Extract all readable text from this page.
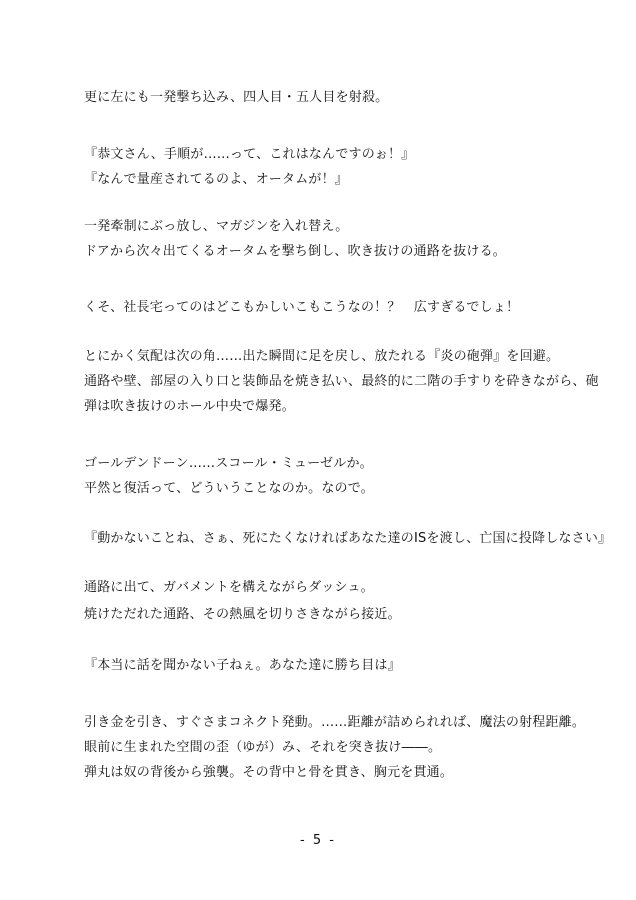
更に左にも一発撃ち込み、四人目・五人目を射殺。
『恭文さん、手順が……って、これはなんですのぉ！』
『なんで量産されてるのよ、オータムが！』
一発牽制にぶっ放し、マガジンを入れ替え。
ドアから次々出てくるオータムを撃ち倒し、吹き抜けの通路を抜ける。
くそ、社長宅ってのはどこもかしいこもこうなの！？　広すぎるでしょ！
とにかく気配は次の角……出た瞬間に足を戻し、放たれる『炎の砲弾』を回避。
通路や壁、部屋の入り口と装飾品を焼き払い、最終的に二階の手すりを砕きながら、砲
弾は吹き抜けのホール中央で爆発。
ゴールデンドーン……スコール・ミューゼルか。
平然と復活って、どういうことなのか。なので。
『動かないことね、さぁ、死にたくなければあなた達のISを渡し、亡国に投降しなさい』
通路に出て、ガバメントを構えながらダッシュ。
焼けただれた通路、その熱風を切りさきながら接近。
『本当に話を聞かない子ねぇ。あなた達に勝ち目は』
引き金を引き、すぐさまコネクト発動。……距離が詰められれば、魔法の射程距離。
眼前に生まれた空間の歪（ゆが）み、それを突き抜け――。
弾丸は奴の背後から強襲。その背中と骨を貫き、胸元を貫通。
- 5 -
